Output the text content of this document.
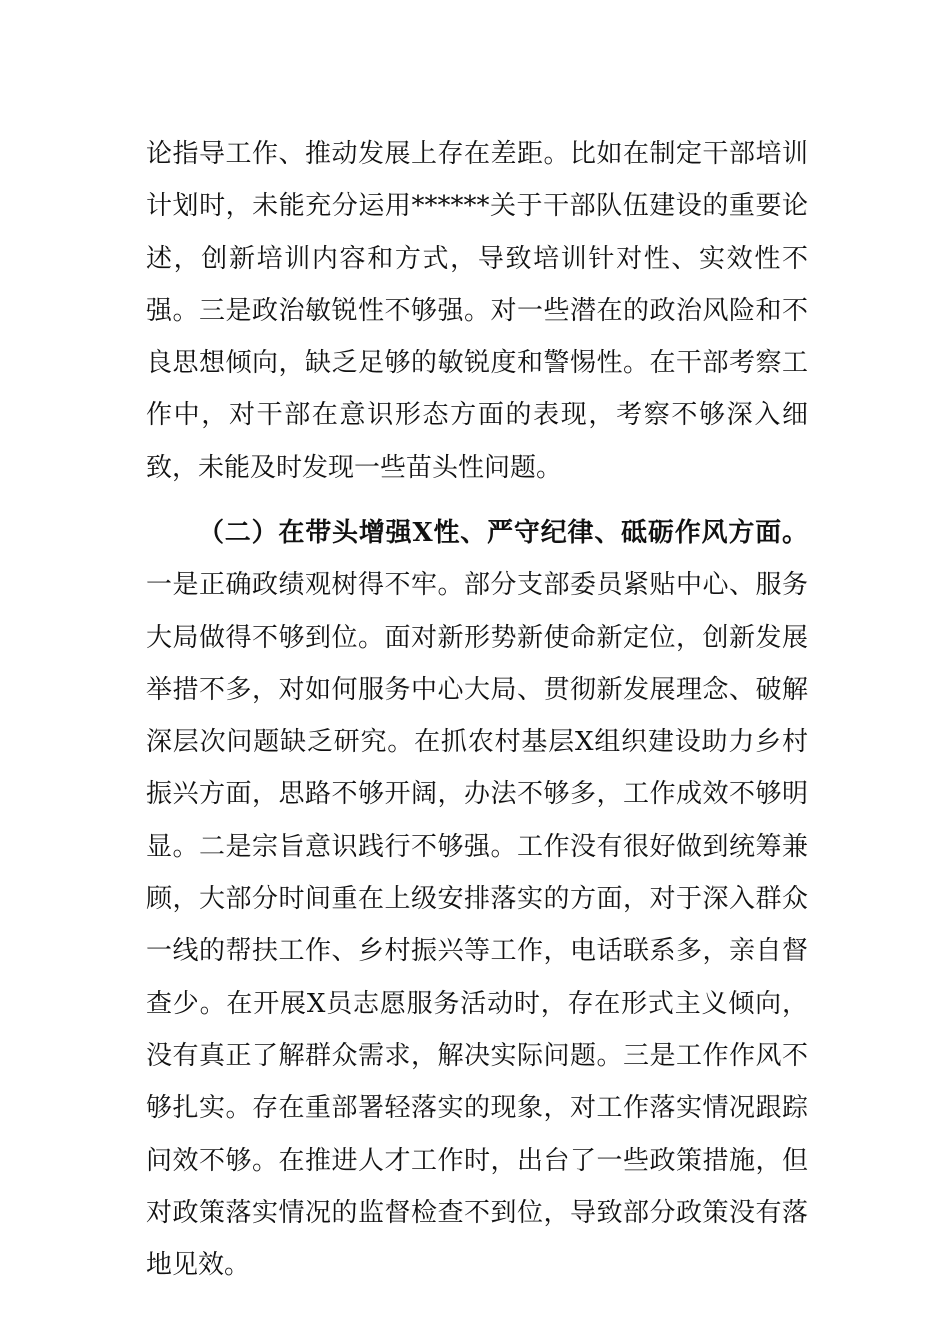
论指导工作、推动发展上存在差距。比如在制定干部培训计划时，未能充分运用******关于干部队伍建设的重要论述，创新培训内容和方式，导致培训针对性、实效性不强。三是政治敏锐性不够强。对一些潜在的政治风险和不良思想倾向，缺乏足够的敏锐度和警惕性。在干部考察工作中，对干部在意识形态方面的表现，考察不够深入细致，未能及时发现一些苗头性问题。

（二）在带头增强X性、严守纪律、砥砺作风方面。一是正确政绩观树得不牢。部分支部委员紧贴中心、服务大局做得不够到位。面对新形势新使命新定位，创新发展举措不多，对如何服务中心大局、贯彻新发展理念、破解深层次问题缺乏研究。在抓农村基层X组织建设助力乡村振兴方面，思路不够开阔，办法不够多，工作成效不够明显。二是宗旨意识践行不够强。工作没有很好做到统筹兼顾，大部分时间重在上级安排落实的方面，对于深入群众一线的帮扶工作、乡村振兴等工作，电话联系多，亲自督查少。在开展X员志愿服务活动时，存在形式主义倾向，没有真正了解群众需求，解决实际问题。三是工作作风不够扎实。存在重部署轻落实的现象，对工作落实情况跟踪问效不够。在推进人才工作时，出台了一些政策措施，但对政策落实情况的监督检查不到位，导致部分政策没有落地见效。
